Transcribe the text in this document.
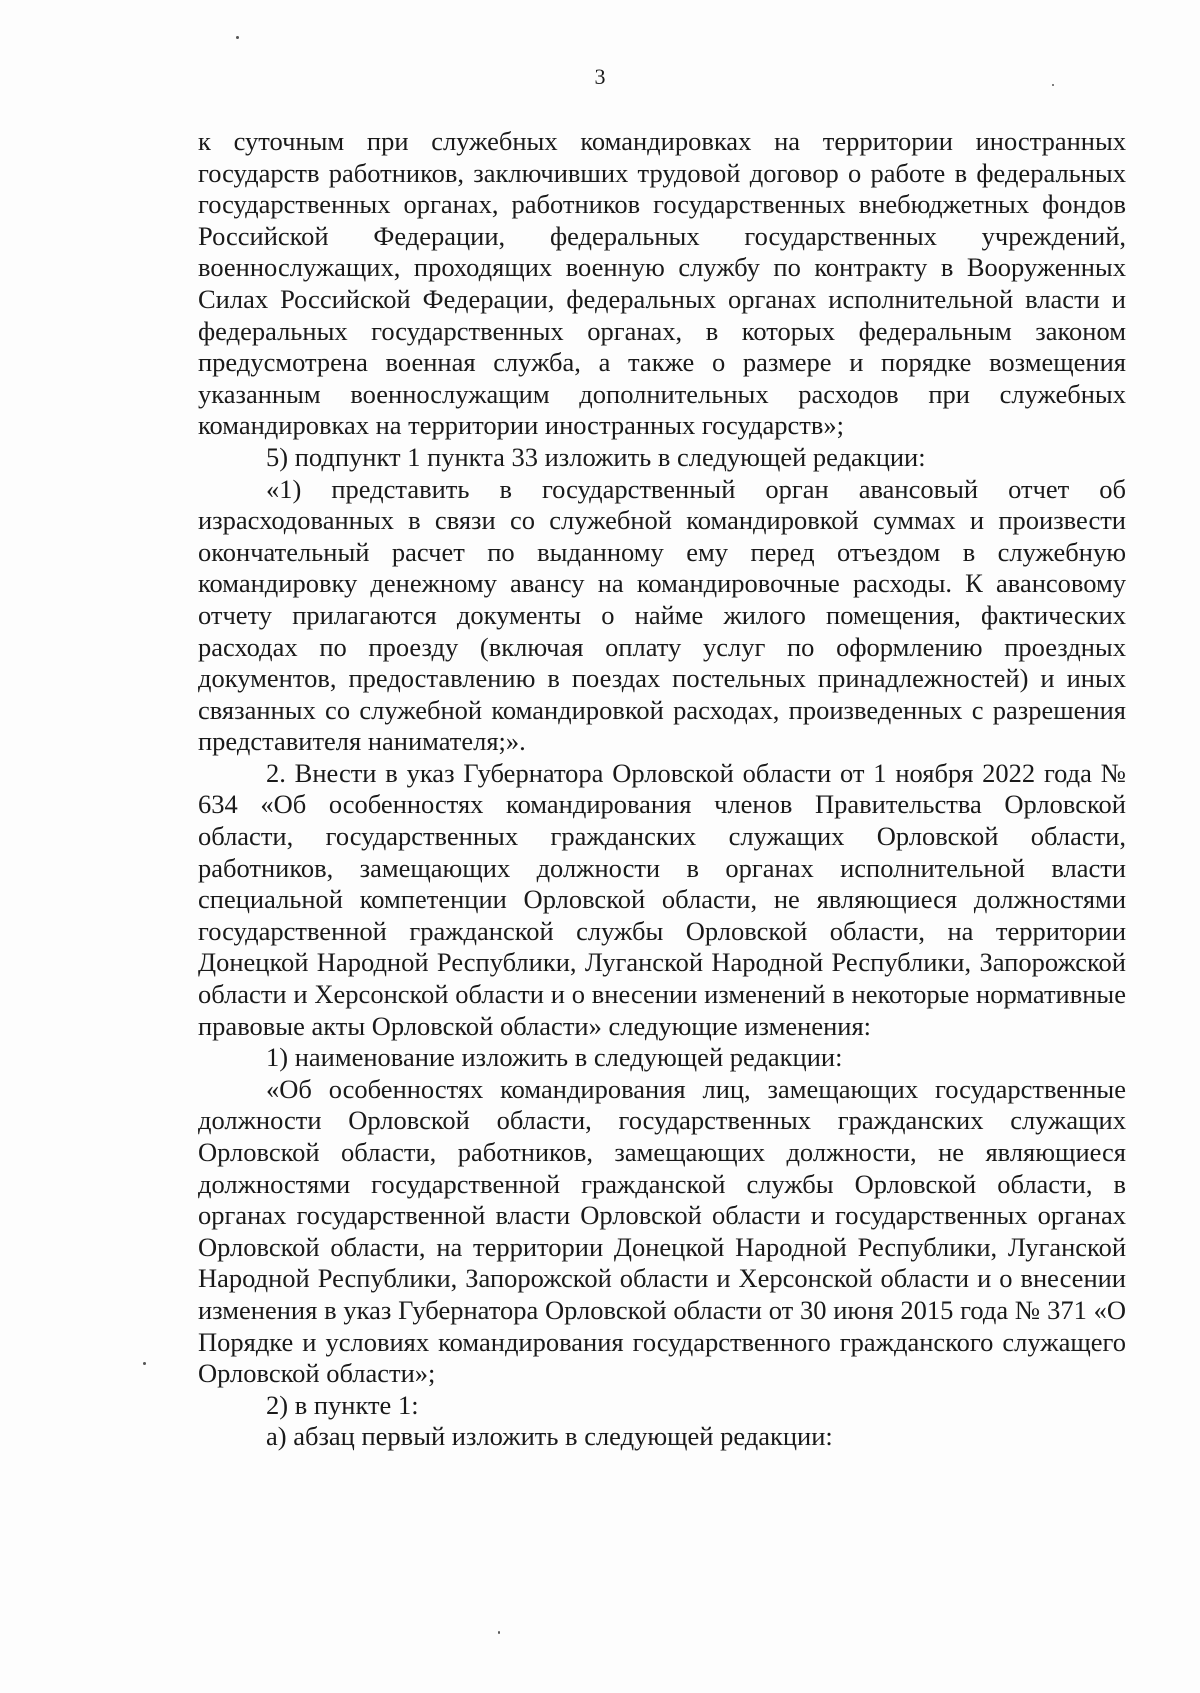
3

к суточным при служебных командировках на территории иностранных государств работников, заключивших трудовой договор о работе в федеральных государственных органах, работников государственных внебюджетных фондов Российской Федерации, федеральных государственных учреждений, военнослужащих, проходящих военную службу по контракту в Вооруженных Силах Российской Федерации, федеральных органах исполнительной власти и федеральных государственных органах, в которых федеральным законом предусмотрена военная служба, а также о размере и порядке возмещения указанным военнослужащим дополнительных расходов при служебных командировках на территории иностранных государств»;

5) подпункт 1 пункта 33 изложить в следующей редакции:

«1) представить в государственный орган авансовый отчет об израсходованных в связи со служебной командировкой суммах и произвести окончательный расчет по выданному ему перед отъездом в служебную командировку денежному авансу на командировочные расходы. К авансовому отчету прилагаются документы о найме жилого помещения, фактических расходах по проезду (включая оплату услуг по оформлению проездных документов, предоставлению в поездах постельных принадлежностей) и иных связанных со служебной командировкой расходах, произведенных с разрешения представителя нанимателя;».

2. Внести в указ Губернатора Орловской области от 1 ноября 2022 года № 634 «Об особенностях командирования членов Правительства Орловской области, государственных гражданских служащих Орловской области, работников, замещающих должности в органах исполнительной власти специальной компетенции Орловской области, не являющиеся должностями государственной гражданской службы Орловской области, на территории Донецкой Народной Республики, Луганской Народной Республики, Запорожской области и Херсонской области и о внесении изменений в некоторые нормативные правовые акты Орловской области» следующие изменения:

1) наименование изложить в следующей редакции:

«Об особенностях командирования лиц, замещающих государственные должности Орловской области, государственных гражданских служащих Орловской области, работников, замещающих должности, не являющиеся должностями государственной гражданской службы Орловской области, в органах государственной власти Орловской области и государственных органах Орловской области, на территории Донецкой Народной Республики, Луганской Народной Республики, Запорожской области и Херсонской области и о внесении изменения в указ Губернатора Орловской области от 30 июня 2015 года № 371 «О Порядке и условиях командирования государственного гражданского служащего Орловской области»;

2) в пункте 1:

а) абзац первый изложить в следующей редакции:
